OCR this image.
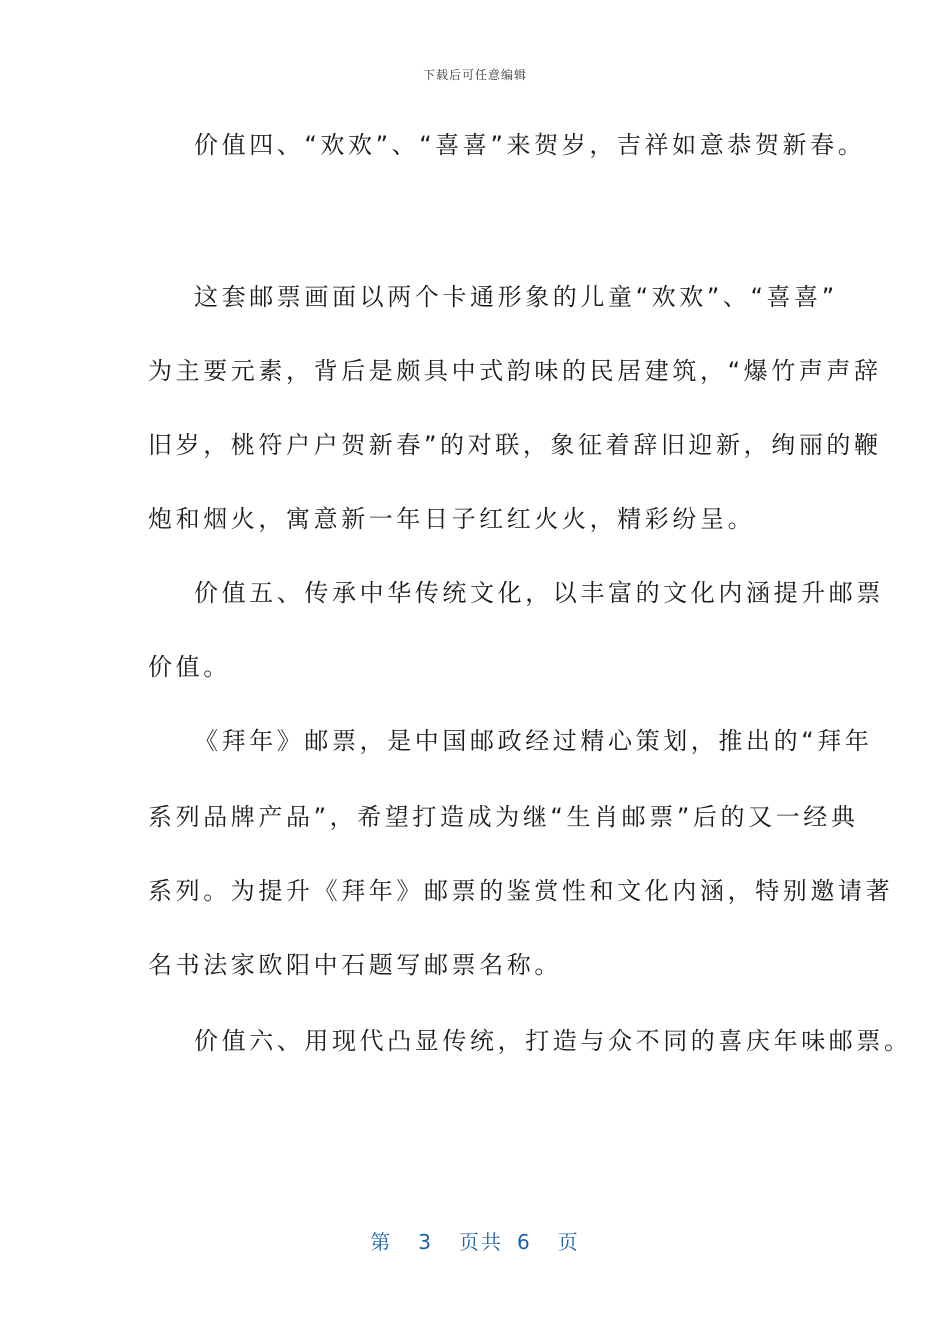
下载后可任意编辑
价值四、“欢欢”、“喜喜”来贺岁，吉祥如意恭贺新春。
这套邮票画面以两个卡通形象的儿童“欢欢”、“喜喜”
为主要元素，背后是颇具中式韵味的民居建筑，“爆竹声声辞
旧岁，桃符户户贺新春”的对联，象征着辞旧迎新，绚丽的鞭
炮和烟火，寓意新一年日子红红火火，精彩纷呈。
价值五、传承中华传统文化，以丰富的文化内涵提升邮票
价值。
《拜年》邮票，是中国邮政经过精心策划，推出的“拜年
系列品牌产品”，希望打造成为继“生肖邮票”后的又一经典
系列。为提升《拜年》邮票的鉴赏性和文化内涵，特别邀请著
名书法家欧阳中石题写邮票名称。
价值六、用现代凸显传统，打造与众不同的喜庆年味邮票。
第 3 页共 6 页
